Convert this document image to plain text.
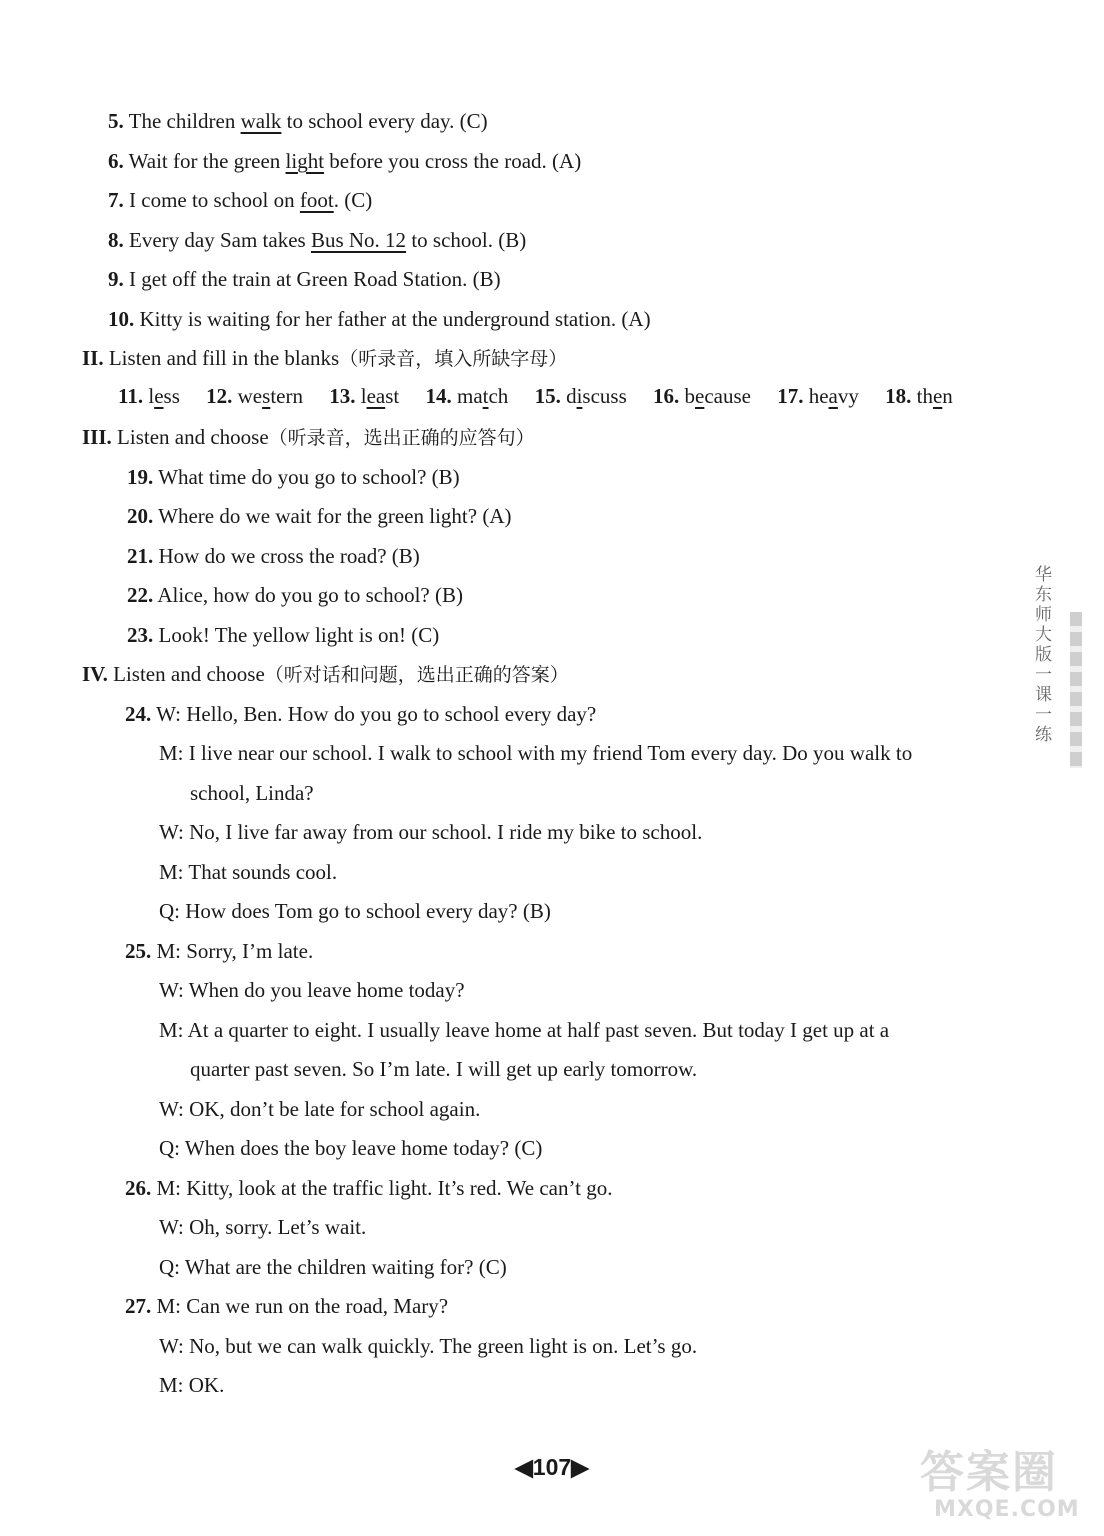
5. The children walk to school every day. (C)
6. Wait for the green light before you cross the road. (A)
7. I come to school on foot. (C)
8. Every day Sam takes Bus No. 12 to school. (B)
9. I get off the train at Green Road Station. (B)
10. Kitty is waiting for her father at the underground station. (A)
II. Listen and fill in the blanks（听录音，填入所缺字母）
11. less 12. western 13. least 14. match 15. discuss 16. because 17. heavy 18. then
III. Listen and choose（听录音，选出正确的应答句）
19. What time do you go to school? (B)
20. Where do we wait for the green light? (A)
21. How do we cross the road? (B)
22. Alice, how do you go to school? (B)
23. Look! The yellow light is on! (C)
IV. Listen and choose（听对话和问题，选出正确的答案）
24. W: Hello, Ben. How do you go to school every day?
M: I live near our school. I walk to school with my friend Tom every day. Do you walk to
school, Linda?
W: No, I live far away from our school. I ride my bike to school.
M: That sounds cool.
Q: How does Tom go to school every day? (B)
25. M: Sorry, I’m late.
W: When do you leave home today?
M: At a quarter to eight. I usually leave home at half past seven. But today I get up at a
quarter past seven. So I’m late. I will get up early tomorrow.
W: OK, don’t be late for school again.
Q: When does the boy leave home today? (C)
26. M: Kitty, look at the traffic light. It’s red. We can’t go.
W: Oh, sorry. Let’s wait.
Q: What are the children waiting for? (C)
27. M: Can we run on the road, Mary?
W: No, but we can walk quickly. The green light is on. Let’s go.
M: OK.
华东师大版一课一练
◀107▶	答案圈
MXQE.COM
